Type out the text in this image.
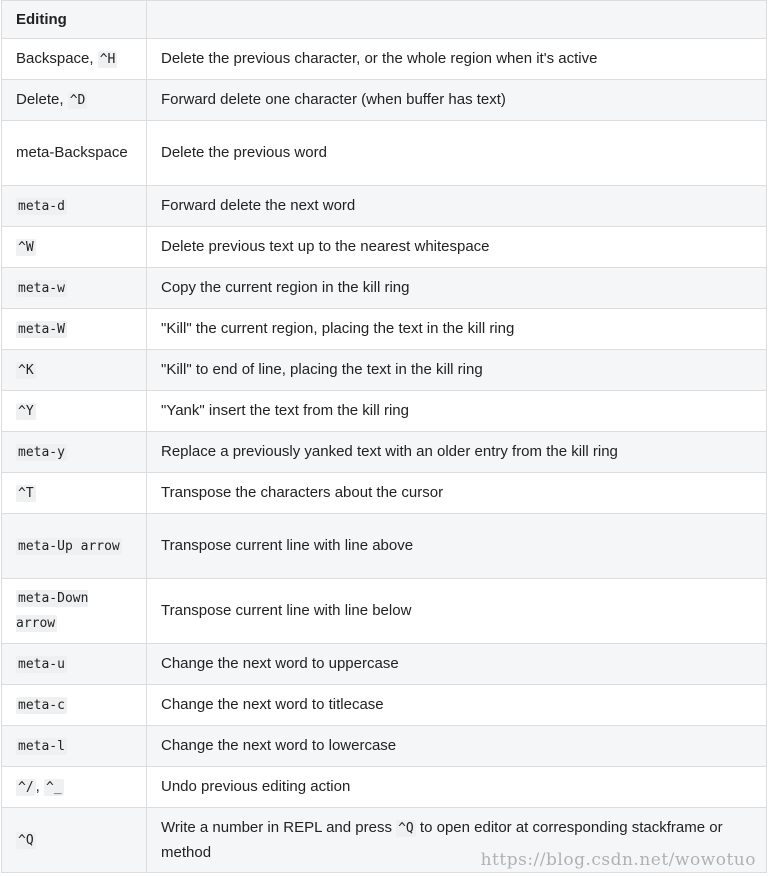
Editing	
Backspace, ^H	Delete the previous character, or the whole region when it's active
Delete, ^D	Forward delete one character (when buffer has text)
meta-Backspace	Delete the previous word
meta-d	Forward delete the next word
^W	Delete previous text up to the nearest whitespace
meta-w	Copy the current region in the kill ring
meta-W	"Kill" the current region, placing the text in the kill ring
^K	"Kill" to end of line, placing the text in the kill ring
^Y	"Yank" insert the text from the kill ring
meta-y	Replace a previously yanked text with an older entry from the kill ring
^T	Transpose the characters about the cursor
meta-Up arrow	Transpose current line with line above
meta-Down arrow	Transpose current line with line below
meta-u	Change the next word to uppercase
meta-c	Change the next word to titlecase
meta-l	Change the next word to lowercase
^/ , ^_	Undo previous editing action
^Q	Write a number in REPL and press ^Q to open editor at corresponding stackframe or method	https://blog.csdn.net/wowotuo
